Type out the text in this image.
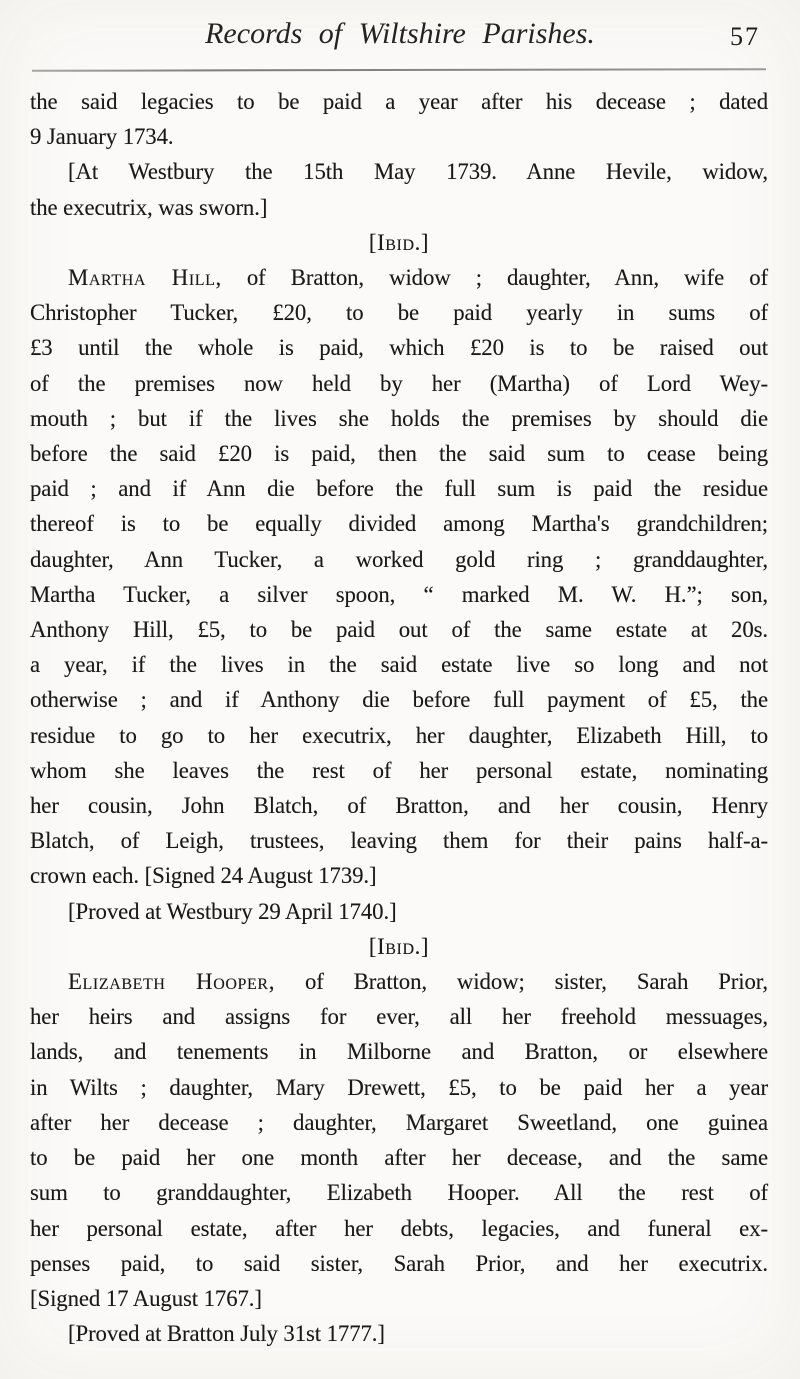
Records of Wiltshire Parishes.	57
the said legacies to be paid a year after his decease ; dated
9 January 1734.
[At Westbury the 15th May 1739. Anne Hevile, widow,
the executrix, was sworn.]
[Ibid.]
Martha Hill, of Bratton, widow ; daughter, Ann, wife of
Christopher Tucker, £20, to be paid yearly in sums of
£3 until the whole is paid, which £20 is to be raised out
of the premises now held by her (Martha) of Lord Wey-
mouth ; but if the lives she holds the premises by should die
before the said £20 is paid, then the said sum to cease being
paid ; and if Ann die before the full sum is paid the residue
thereof is to be equally divided among Martha's grandchildren;
daughter, Ann Tucker, a worked gold ring ; granddaughter,
Martha Tucker, a silver spoon, “ marked M. W. H.”; son,
Anthony Hill, £5, to be paid out of the same estate at 20s.
a year, if the lives in the said estate live so long and not
otherwise ; and if Anthony die before full payment of £5, the
residue to go to her executrix, her daughter, Elizabeth Hill, to
whom she leaves the rest of her personal estate, nominating
her cousin, John Blatch, of Bratton, and her cousin, Henry
Blatch, of Leigh, trustees, leaving them for their pains half-a-
crown each. [Signed 24 August 1739.]
[Proved at Westbury 29 April 1740.]
[Ibid.]
Elizabeth Hooper, of Bratton, widow; sister, Sarah Prior,
her heirs and assigns for ever, all her freehold messuages,
lands, and tenements in Milborne and Bratton, or elsewhere
in Wilts ; daughter, Mary Drewett, £5, to be paid her a year
after her decease ; daughter, Margaret Sweetland, one guinea
to be paid her one month after her decease, and the same
sum to granddaughter, Elizabeth Hooper. All the rest of
her personal estate, after her debts, legacies, and funeral ex-
penses paid, to said sister, Sarah Prior, and her executrix.
[Signed 17 August 1767.]
[Proved at Bratton July 31st 1777.]
